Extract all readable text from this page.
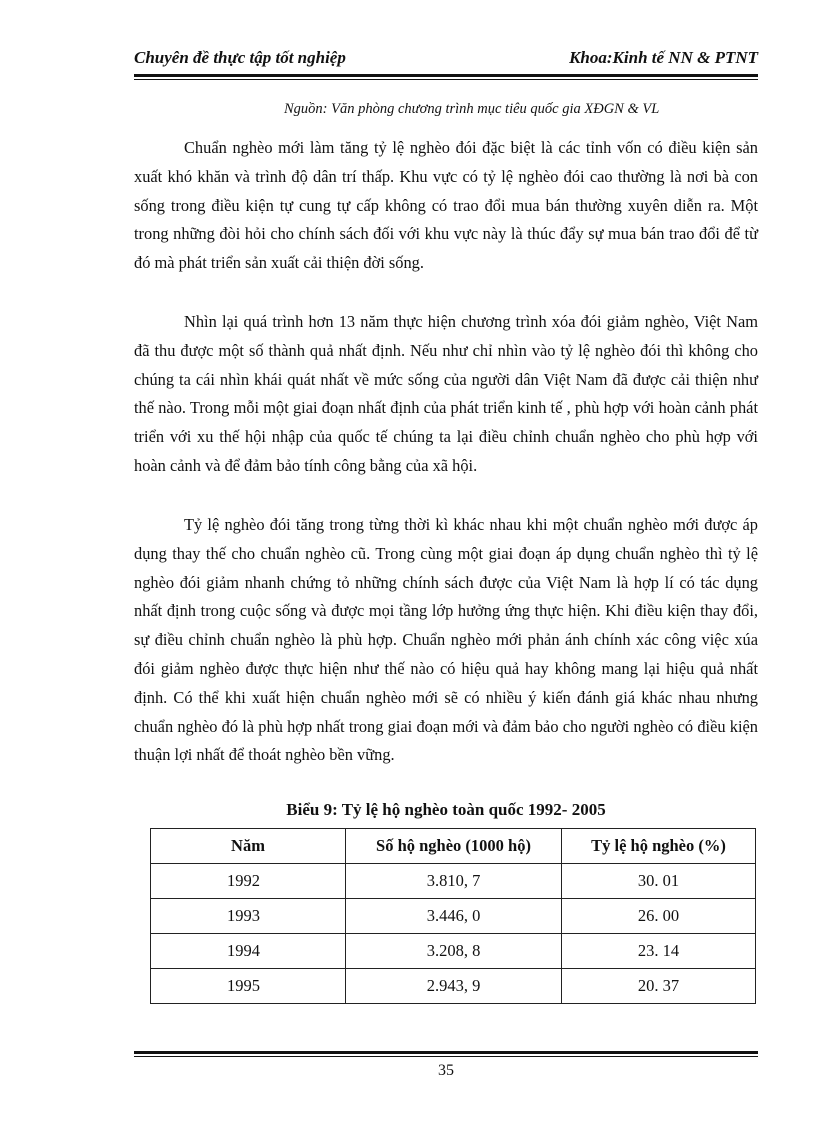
Chuyên đề thực tập tốt nghiệp	Khoa:Kinh tế NN & PTNT
Nguồn: Văn phòng chương trình mục tiêu quốc gia XĐGN & VL

Chuẩn nghèo mới làm tăng tỷ lệ nghèo đói đặc biệt là các tỉnh vốn có điều kiện sản xuất khó khăn và trình độ dân trí thấp. Khu vực có tỷ lệ nghèo đói cao thường là nơi bà con sống trong điều kiện tự cung tự cấp không có trao đổi mua bán thường xuyên diễn ra. Một trong những đòi hỏi cho chính sách đối với khu vực này là thúc đẩy sự mua bán trao đổi để từ đó mà phát triển sản xuất cải thiện đời sống.

Nhìn lại quá trình hơn 13 năm thực hiện chương trình xóa đói giảm nghèo, Việt Nam đã thu được một số thành quả nhất định. Nếu như chỉ nhìn vào tỷ lệ nghèo đói thì không cho chúng ta cái nhìn khái quát nhất về mức sống của người dân Việt Nam đã được cải thiện như thế nào. Trong mỗi một giai đoạn nhất định của phát triển kinh tế , phù hợp với hoàn cảnh phát triển với xu thế hội nhập của quốc tế chúng ta lại điều chỉnh chuẩn nghèo cho phù hợp với hoàn cảnh và để đảm bảo tính công bằng của xã hội.

Tỷ lệ nghèo đói tăng trong từng thời kì khác nhau khi một chuẩn nghèo mới được áp dụng thay thế cho chuẩn nghèo cũ. Trong cùng một giai đoạn áp dụng chuẩn nghèo thì tỷ lệ nghèo đói giảm nhanh chứng tỏ những chính sách được của Việt Nam là hợp lí có tác dụng nhất định trong cuộc sống và được mọi tầng lớp hưởng ứng thực hiện. Khi điều kiện thay đổi, sự điều chỉnh chuẩn nghèo là phù hợp. Chuẩn nghèo mới phản ánh chính xác công việc xúa đói giảm nghèo được thực hiện như thế nào có hiệu quả hay không mang lại hiệu quả nhất định. Có thể khi xuất hiện chuẩn nghèo mới sẽ có nhiều ý kiến đánh giá khác nhau nhưng chuẩn nghèo đó là phù hợp nhất trong giai đoạn mới và đảm bảo cho người nghèo có điều kiện thuận lợi nhất để thoát nghèo bền vững.

Biểu 9: Tỷ lệ hộ nghèo toàn quốc 1992- 2005

Năm	Số hộ nghèo (1000 hộ)	Tỷ lệ hộ nghèo (%)
1992	3.810, 7	30. 01
1993	3.446, 0	26. 00
1994	3.208, 8	23. 14
1995	2.943, 9	20. 37
35
